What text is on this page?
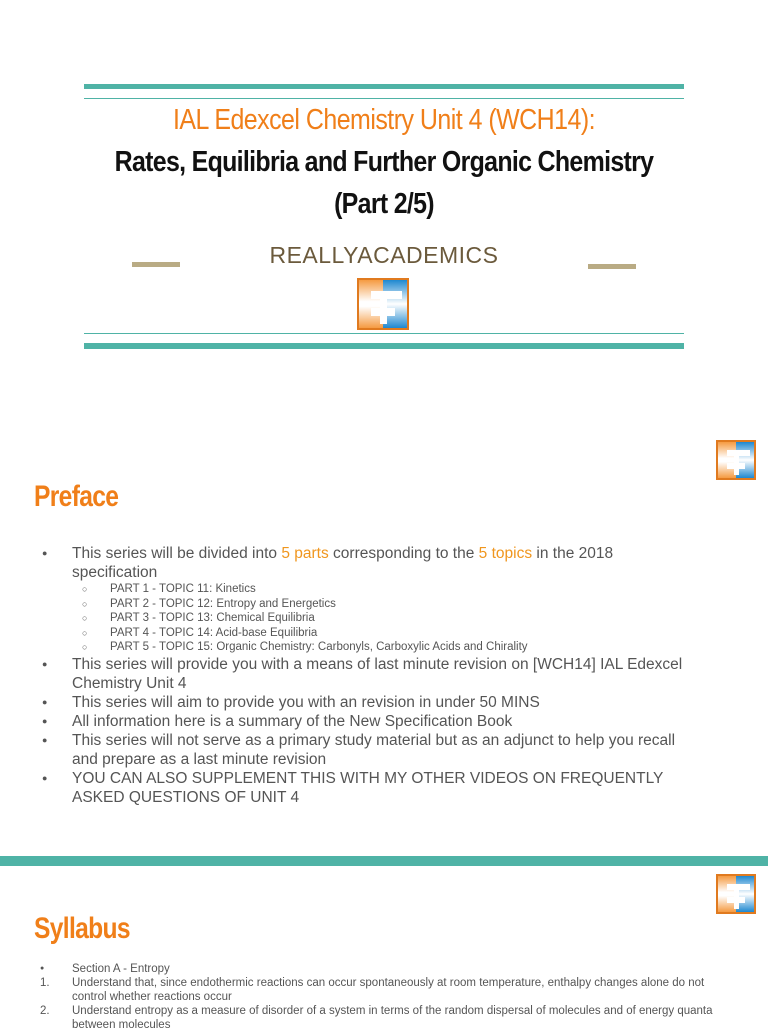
IAL Edexcel Chemistry Unit 4 (WCH14):
Rates, Equilibria and Further Organic Chemistry
(Part 2/5)
REALLYACADEMICS
Preface
● This series will be divided into 5 parts corresponding to the 5 topics in the 2018 specification
○ PART 1 - TOPIC 11: Kinetics
○ PART 2 - TOPIC 12: Entropy and Energetics
○ PART 3 - TOPIC 13: Chemical Equilibria
○ PART 4 - TOPIC 14: Acid-base Equilibria
○ PART 5 - TOPIC 15: Organic Chemistry: Carbonyls, Carboxylic Acids and Chirality
● This series will provide you with a means of last minute revision on [WCH14] IAL Edexcel Chemistry Unit 4
● This series will aim to provide you with an revision in under 50 MINS
● All information here is a summary of the New Specification Book
● This series will not serve as a primary study material but as an adjunct to help you recall and prepare as a last minute revision
● YOU CAN ALSO SUPPLEMENT THIS WITH MY OTHER VIDEOS ON FREQUENTLY ASKED QUESTIONS OF UNIT 4
Syllabus
●	Section A - Entropy
1.	Understand that, since endothermic reactions can occur spontaneously at room temperature, enthalpy changes alone do not control whether reactions occur
2.	Understand entropy as a measure of disorder of a system in terms of the random dispersal of molecules and of energy quanta between molecules
